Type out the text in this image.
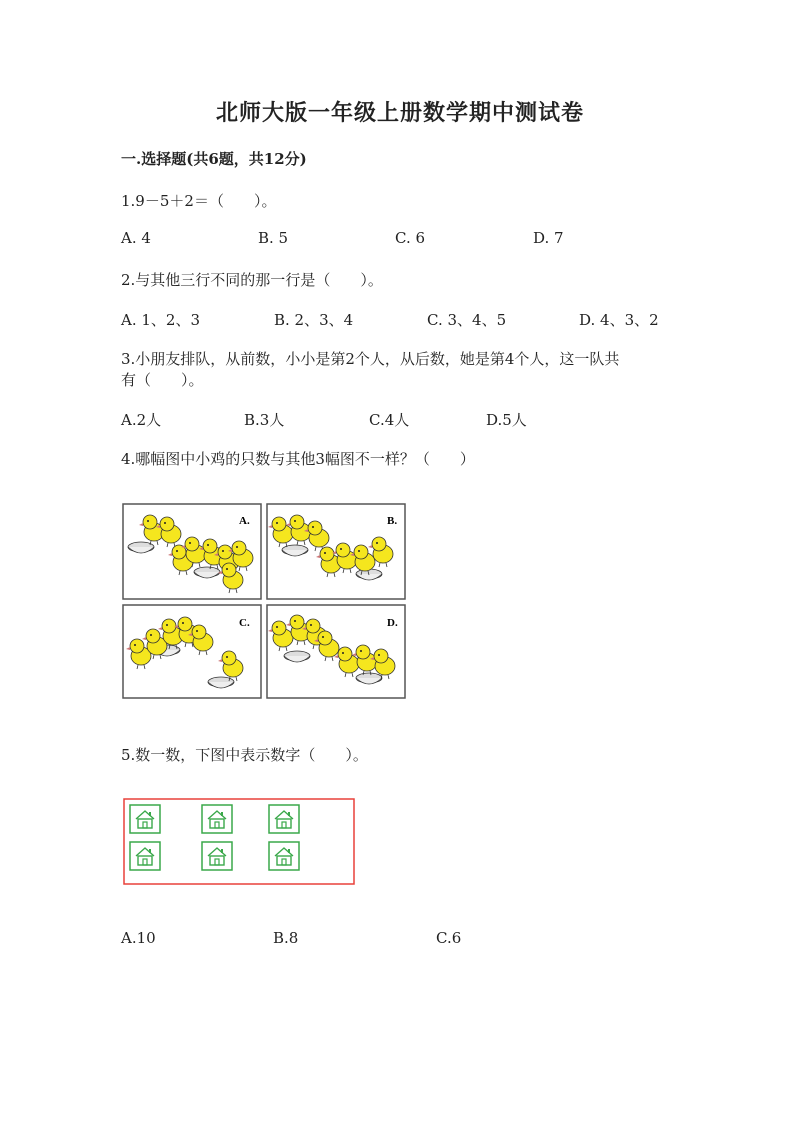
北师大版一年级上册数学期中测试卷
一.选择题(共6题，共12分)
1.9－5＋2＝（　　）。
A. 4	B. 5	C. 6	D. 7
2.与其他三行不同的那一行是（　　）。
A. 1、2、3	B. 2、3、4	C. 3、4、5	D. 4、3、2
3.小朋友排队，从前数，小小是第2个人，从后数，她是第4个人，这一队共
有（　　）。
A.2人	B.3人	C.4人	D.5人
4.哪幅图中小鸡的只数与其他3幅图不一样？（　　）
A.	B.
C.	D.
5.数一数，下图中表示数字（　　）。
A.10	B.8	C.6
